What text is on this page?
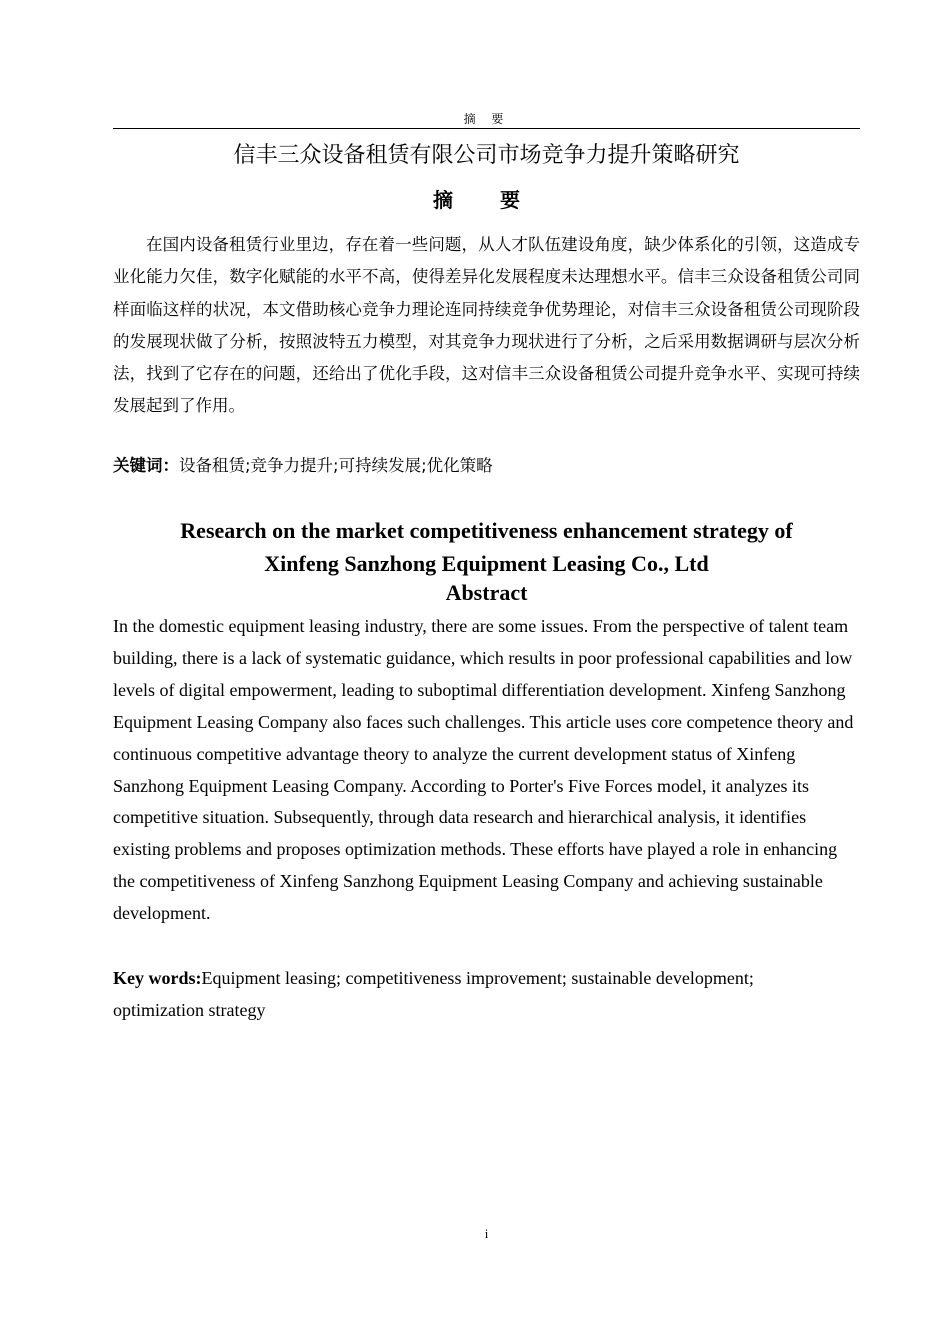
摘 要
信丰三众设备租赁有限公司市场竞争力提升策略研究
摘 要

在国内设备租赁行业里边，存在着一些问题，从人才队伍建设角度，缺少体系化的引领，这造成专业化能力欠佳，数字化赋能的水平不高，使得差异化发展程度未达理想水平。信丰三众设备租赁公司同样面临这样的状况，本文借助核心竞争力理论连同持续竞争优势理论，对信丰三众设备租赁公司现阶段的发展现状做了分析，按照波特五力模型，对其竞争力现状进行了分析，之后采用数据调研与层次分析法，找到了它存在的问题，还给出了优化手段，这对信丰三众设备租赁公司提升竞争水平、实现可持续发展起到了作用。

关键词：设备租赁;竞争力提升;可持续发展;优化策略
Research on the market competitiveness enhancement strategy of
Xinfeng Sanzhong Equipment Leasing Co., Ltd
Abstract

In the domestic equipment leasing industry, there are some issues. From the perspective of talent team building, there is a lack of systematic guidance, which results in poor professional capabilities and low levels of digital empowerment, leading to suboptimal differentiation development. Xinfeng Sanzhong Equipment Leasing Company also faces such challenges. This article uses core competence theory and continuous competitive advantage theory to analyze the current development status of Xinfeng Sanzhong Equipment Leasing Company. According to Porter's Five Forces model, it analyzes its competitive situation. Subsequently, through data research and hierarchical analysis, it identifies existing problems and proposes optimization methods. These efforts have played a role in enhancing the competitiveness of Xinfeng Sanzhong Equipment Leasing Company and achieving sustainable development.

Key words:Equipment leasing; competitiveness improvement; sustainable development; optimization strategy
i
